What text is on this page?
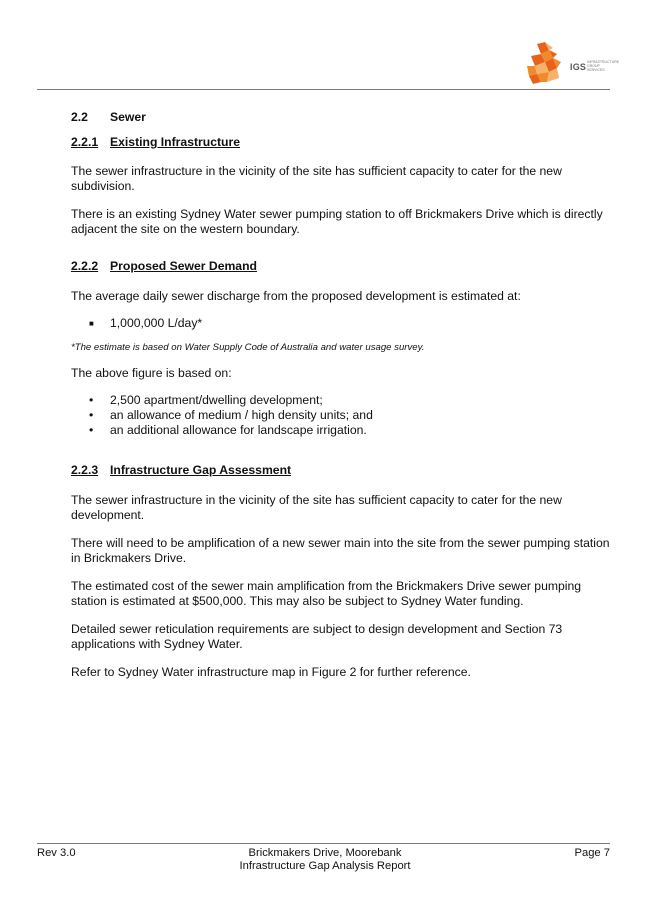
IGS INFRASTRUCTURE GROUP SERVICES
2.2 Sewer
2.2.1 Existing Infrastructure

The sewer infrastructure in the vicinity of the site has sufficient capacity to cater for the new subdivision.

There is an existing Sydney Water sewer pumping station to off Brickmakers Drive which is directly adjacent the site on the western boundary.

2.2.2 Proposed Sewer Demand

The average daily sewer discharge from the proposed development is estimated at:

■ 1,000,000 L/day*

*The estimate is based on Water Supply Code of Australia and water usage survey.

The above figure is based on:

• 2,500 apartment/dwelling development;
• an allowance of medium / high density units; and
• an additional allowance for landscape irrigation.
2.2.3 Infrastructure Gap Assessment

The sewer infrastructure in the vicinity of the site has sufficient capacity to cater for the new development.

There will need to be amplification of a new sewer main into the site from the sewer pumping station in Brickmakers Drive.

The estimated cost of the sewer main amplification from the Brickmakers Drive sewer pumping station is estimated at $500,000. This may also be subject to Sydney Water funding.

Detailed sewer reticulation requirements are subject to design development and Section 73 applications with Sydney Water.

Refer to Sydney Water infrastructure map in Figure 2 for further reference.

Rev 3.0	Brickmakers Drive, Moorebank
Infrastructure Gap Analysis Report
Page 7
